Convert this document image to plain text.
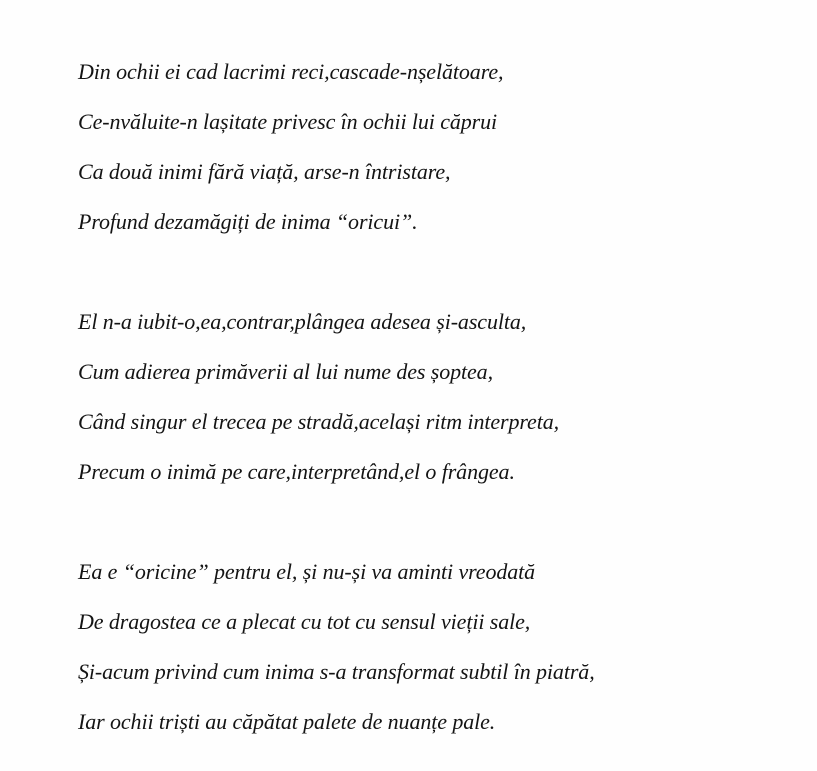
Din ochii ei cad lacrimi reci,cascade-nșelătoare,
Ce-nvăluite-n lașitate privesc în ochii lui căprui
Ca două inimi fără viață, arse-n întristare,
Profund dezamăgiți de inima “oricui”.
El n-a iubit-o,ea,contrar,plângea adesea și-asculta,
Cum adierea primăverii al lui nume des șoptea,
Când singur el trecea pe stradă,același ritm interpreta,
Precum o inimă pe care,interpretând,el o frângea.
Ea e “oricine” pentru el, și nu-și va aminti vreodată
De dragostea ce a plecat cu tot cu sensul vieții sale,
Și-acum privind cum inima s-a transformat subtil în piatră,
Iar ochii triști au căpătat palete de nuanțe pale.
